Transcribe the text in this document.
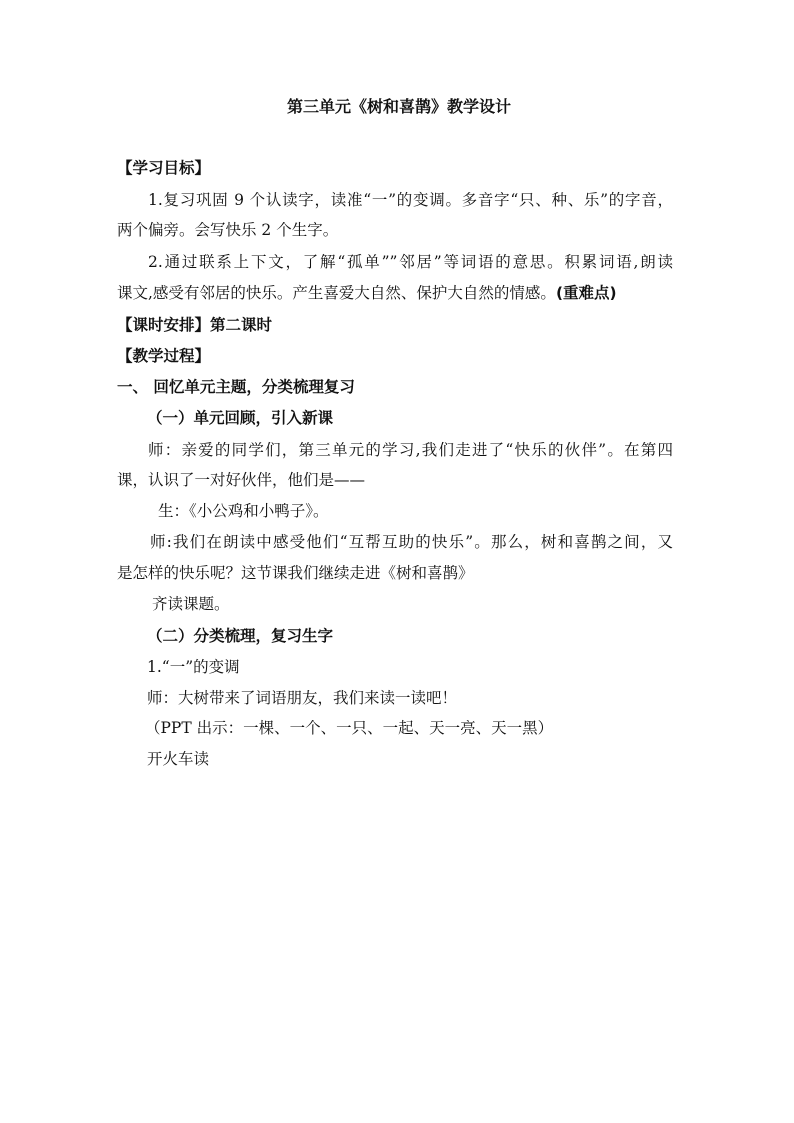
第三单元《树和喜鹊》教学设计
【学习目标】
1.复习巩固 9 个认读字，读准“一”的变调。多音字“只、种、乐”的字音，
两个偏旁。会写快乐 2 个生字。
2.通过联系上下文，了解“孤单””邻居”等词语的意思。积累词语,朗读
课文,感受有邻居的快乐。产生喜爱大自然、保护大自然的情感。(重难点)
【课时安排】第二课时
【教学过程】
一、 回忆单元主题，分类梳理复习
（一）单元回顾，引入新课
师：亲爱的同学们，第三单元的学习,我们走进了“快乐的伙伴”。在第四
课，认识了一对好伙伴，他们是——
生：《小公鸡和小鸭子》。
师:我们在朗读中感受他们“互帮互助的快乐”。那么，树和喜鹊之间，又
是怎样的快乐呢？这节课我们继续走进《树和喜鹊》
齐读课题。
（二）分类梳理，复习生字
1.“一”的变调
师：大树带来了词语朋友，我们来读一读吧！
（PPT 出示：一棵、一个、一只、一起、天一亮、天一黑）
开火车读
